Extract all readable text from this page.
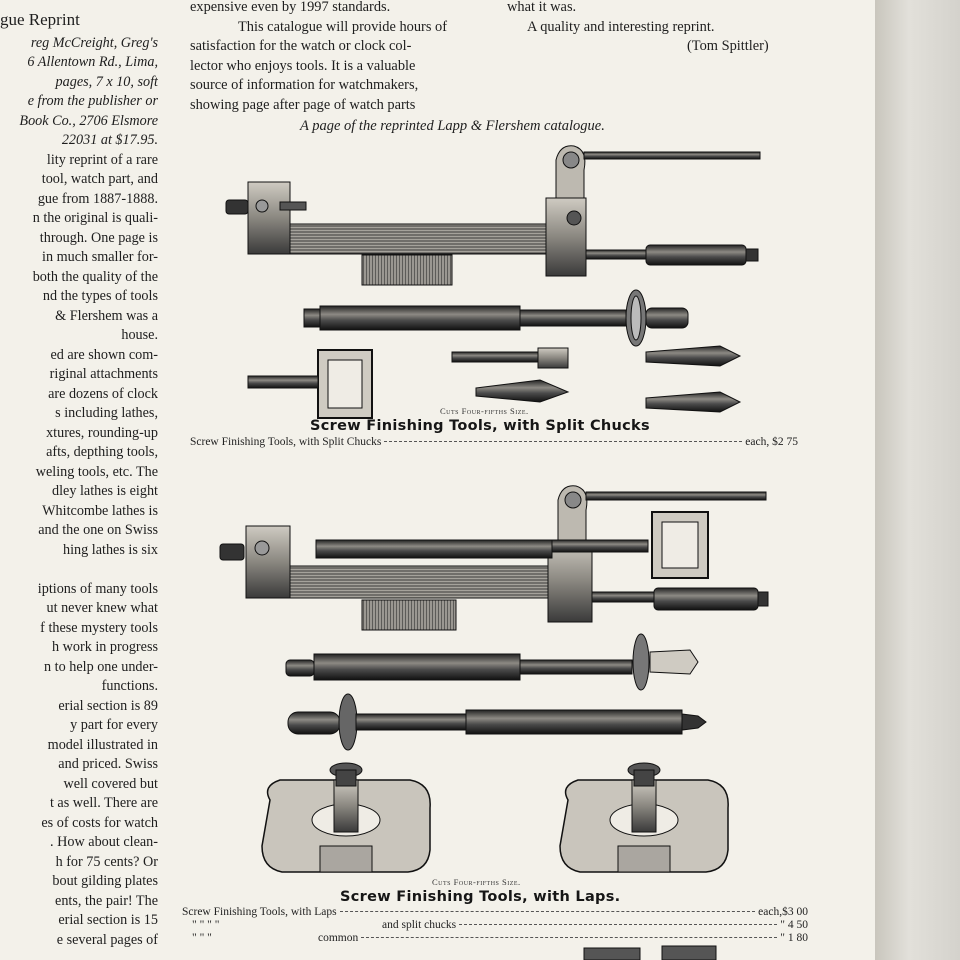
gue Reprint
reg McCreight, Greg's
6 Allentown Rd., Lima,
pages, 7 x 10, soft
e from the publisher or
Book Co., 2706 Elsmore
22031 at $17.95.
lity reprint of a rare
tool, watch part, and
gue from 1887-1888.
n the original is quali-
through. One page is
in much smaller for-
both the quality of the
nd the types of tools
& Flershem was a
house.
ed are shown com-
riginal attachments
are dozens of clock
s including lathes,
xtures, rounding-up
afts, depthing tools,
weling tools, etc. The
dley lathes is eight
Whitcombe lathes is
and the one on Swiss
hing lathes is six
iptions of many tools
ut never knew what
f these mystery tools
h work in progress
n to help one under-
functions.
erial section is 89
y part for every
model illustrated in
and priced. Swiss
well covered but
t as well. There are
es of costs for watch
. How about clean-
h for 75 cents? Or
bout gilding plates
ents, the pair! The
erial section is 15
e several pages of
expensive even by 1997 standards.
This catalogue will provide hours of
satisfaction for the watch or clock col-
lector who enjoys tools. It is a valuable
source of information for watchmakers,
showing page after page of watch parts
what it was.
A quality and interesting reprint.
(Tom Spittler)
A page of the reprinted Lapp & Flershem catalogue.
Cuts Four-fifths Size.
Screw Finishing Tools, with Split Chucks
Screw Finishing Tools, with Split Chucks	each, $2 75
Cuts Four-fifths Size.
Screw Finishing Tools, with Laps.
Screw Finishing Tools, with Laps	each,$3 00
" " " "	and split chucks	" 4 50
" " "	common	" 1 80
